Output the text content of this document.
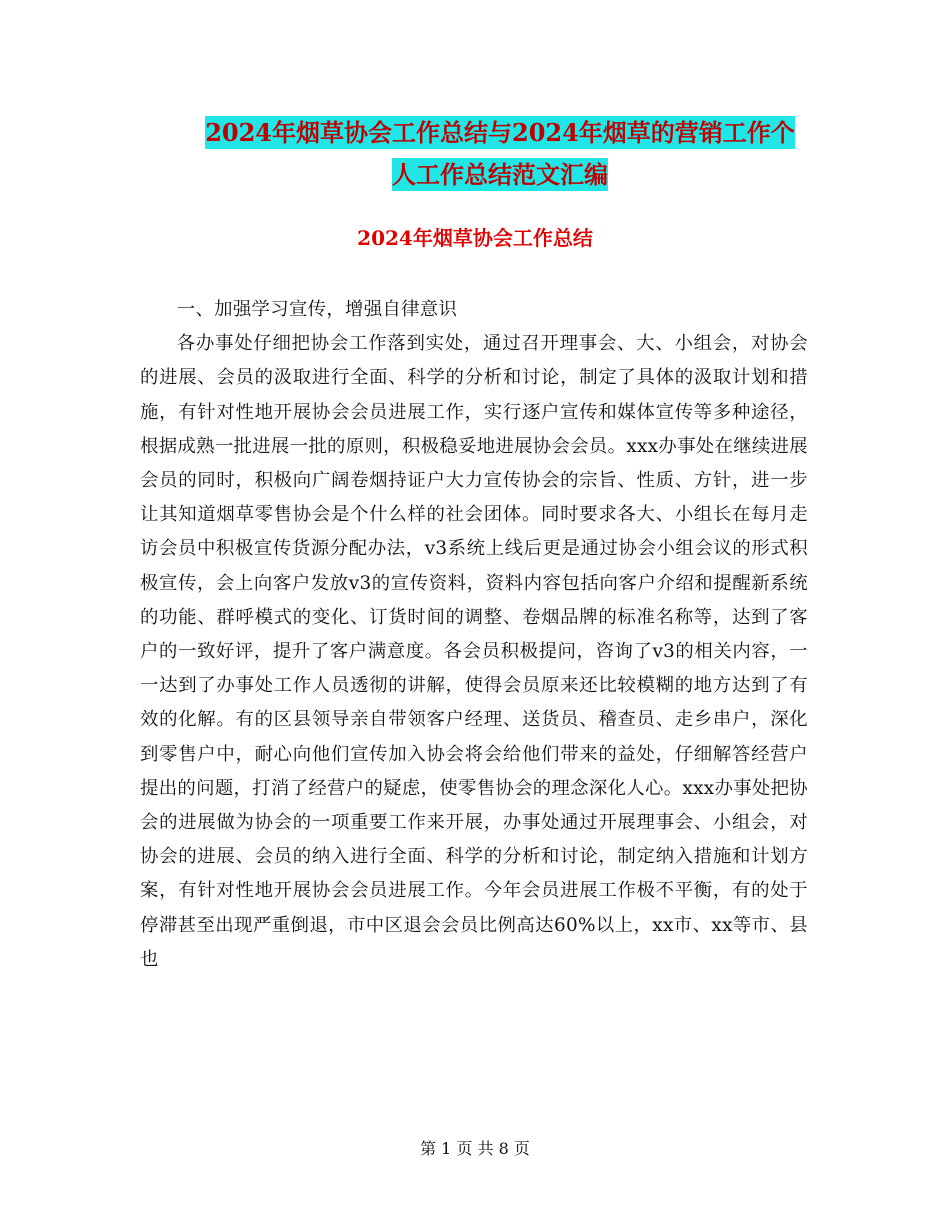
2024年烟草协会工作总结与2024年烟草的营销工作个
人工作总结范文汇编
2024年烟草协会工作总结

一、加强学习宣传，增强自律意识

各办事处仔细把协会工作落到实处，通过召开理事会、大、小组会，对协会的进展、会员的汲取进行全面、科学的分析和讨论，制定了具体的汲取计划和措施，有针对性地开展协会会员进展工作，实行逐户宣传和媒体宣传等多种途径，根据成熟一批进展一批的原则，积极稳妥地进展协会会员。xxx办事处在继续进展会员的同时，积极向广阔卷烟持证户大力宣传协会的宗旨、性质、方针，进一步让其知道烟草零售协会是个什么样的社会团体。同时要求各大、小组长在每月走访会员中积极宣传货源分配办法，v3系统上线后更是通过协会小组会议的形式积极宣传，会上向客户发放v3的宣传资料，资料内容包括向客户介绍和提醒新系统的功能、群呼模式的变化、订货时间的调整、卷烟品牌的标准名称等，达到了客户的一致好评，提升了客户满意度。各会员积极提问，咨询了v3的相关内容，一一达到了办事处工作人员透彻的讲解，使得会员原来还比较模糊的地方达到了有效的化解。有的区县领导亲自带领客户经理、送货员、稽查员、走乡串户，深化到零售户中，耐心向他们宣传加入协会将会给他们带来的益处，仔细解答经营户提出的问题，打消了经营户的疑虑，使零售协会的理念深化人心。xxx办事处把协会的进展做为协会的一项重要工作来开展，办事处通过开展理事会、小组会，对协会的进展、会员的纳入进行全面、科学的分析和讨论，制定纳入措施和计划方案，有针对性地开展协会会员进展工作。今年会员进展工作极不平衡，有的处于停滞甚至出现严重倒退，市中区退会会员比例高达60%以上，xx市、xx等市、县也

第 1 页 共 8 页
